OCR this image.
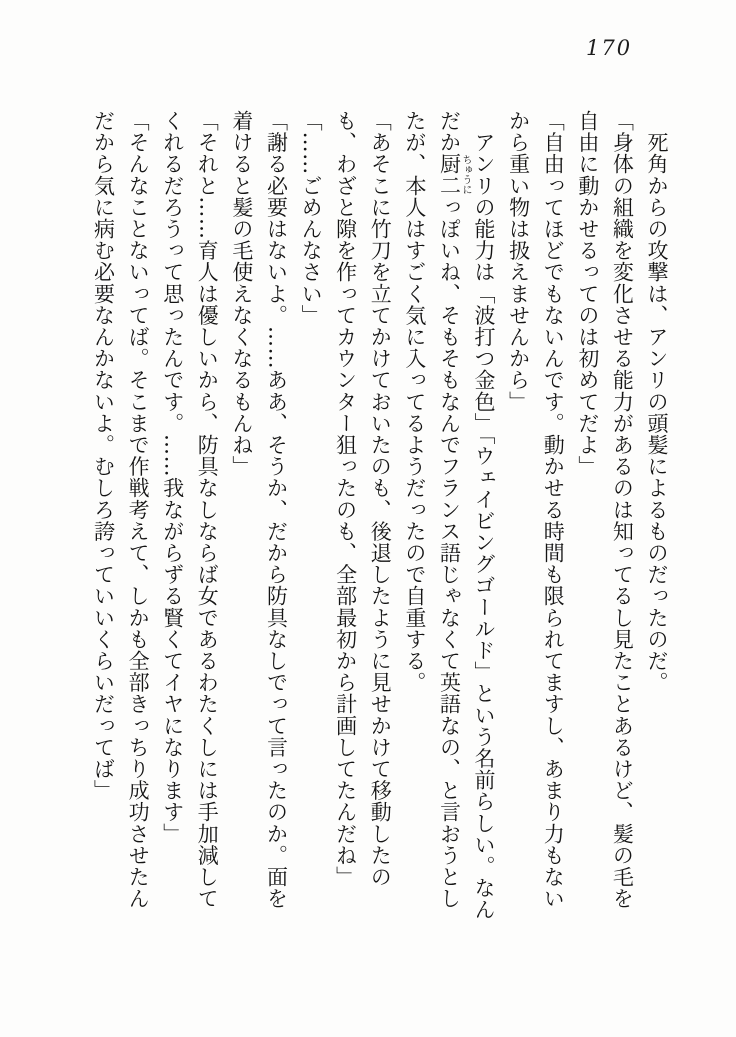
170

　死角からの攻撃は、アンリの頭髪によるものだったのだ。

「身体の組織を変化させる能力があるのは知ってるし見たことあるけど、髪の毛を自由に動かせるってのは初めてだよ」

「自由ってほどでもないんです。動かせる時間も限られてますし、あまり力もないから重い物は扱えませんから」

　アンリの能力は「波打つ金色」「ウェイビングゴールド」という名前らしい。なんだか厨二ちゅうにっぽいね、そもそもなんでフランス語じゃなくて英語なの、と言おうとしたが、本人はすごく気に入ってるようだったので自重する。

「あそこに竹刀を立てかけておいたのも、後退したように見せかけて移動したのも、わざと隙を作ってカウンター狙ったのも、全部最初から計画してたんだね」

「……ごめんなさい」

「謝る必要はないよ。……ああ、そうか、だから防具なしでって言ったのか。面を着けると髪の毛使えなくなるもんね」

「それと……育人は優しいから、防具なしならば女であるわたくしには手加減してくれるだろうって思ったんです。……我ながらずる賢くてイヤになります」

「そんなことないってば。そこまで作戦考えて、しかも全部きっちり成功させたんだから気に病む必要なんかないよ。むしろ誇っていいくらいだってば」
